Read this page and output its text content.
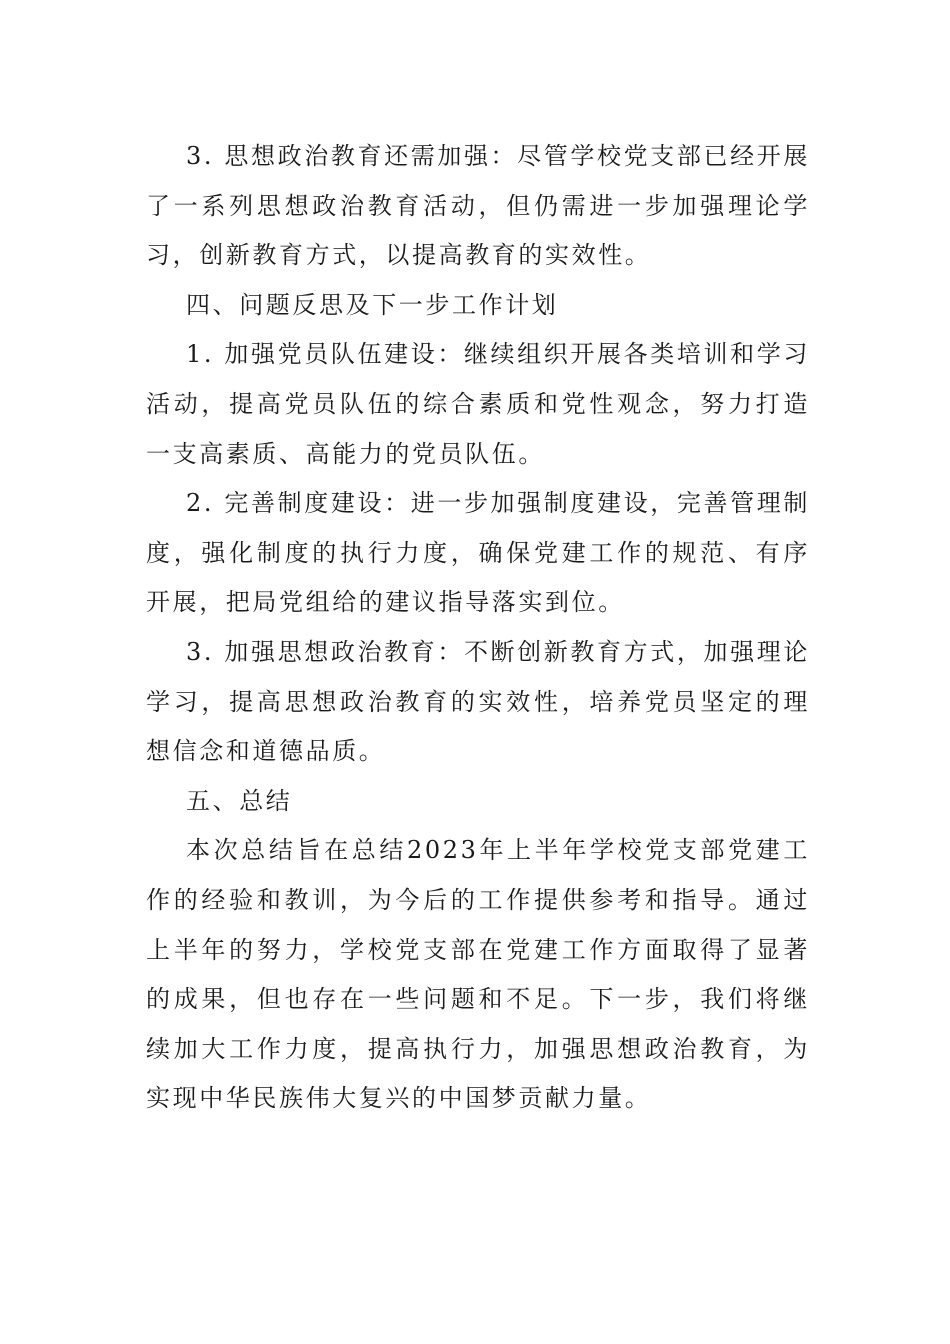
3. 思想政治教育还需加强：尽管学校党支部已经开展了一系列思想政治教育活动，但仍需进一步加强理论学习，创新教育方式，以提高教育的实效性。

四、问题反思及下一步工作计划

1. 加强党员队伍建设：继续组织开展各类培训和学习活动，提高党员队伍的综合素质和党性观念，努力打造一支高素质、高能力的党员队伍。

2. 完善制度建设：进一步加强制度建设，完善管理制度，强化制度的执行力度，确保党建工作的规范、有序开展，把局党组给的建议指导落实到位。

3. 加强思想政治教育：不断创新教育方式，加强理论学习，提高思想政治教育的实效性，培养党员坚定的理想信念和道德品质。

五、总结

本次总结旨在总结2023年上半年学校党支部党建工作的经验和教训，为今后的工作提供参考和指导。通过上半年的努力，学校党支部在党建工作方面取得了显著的成果，但也存在一些问题和不足。下一步，我们将继续加大工作力度，提高执行力，加强思想政治教育，为实现中华民族伟大复兴的中国梦贡献力量。
